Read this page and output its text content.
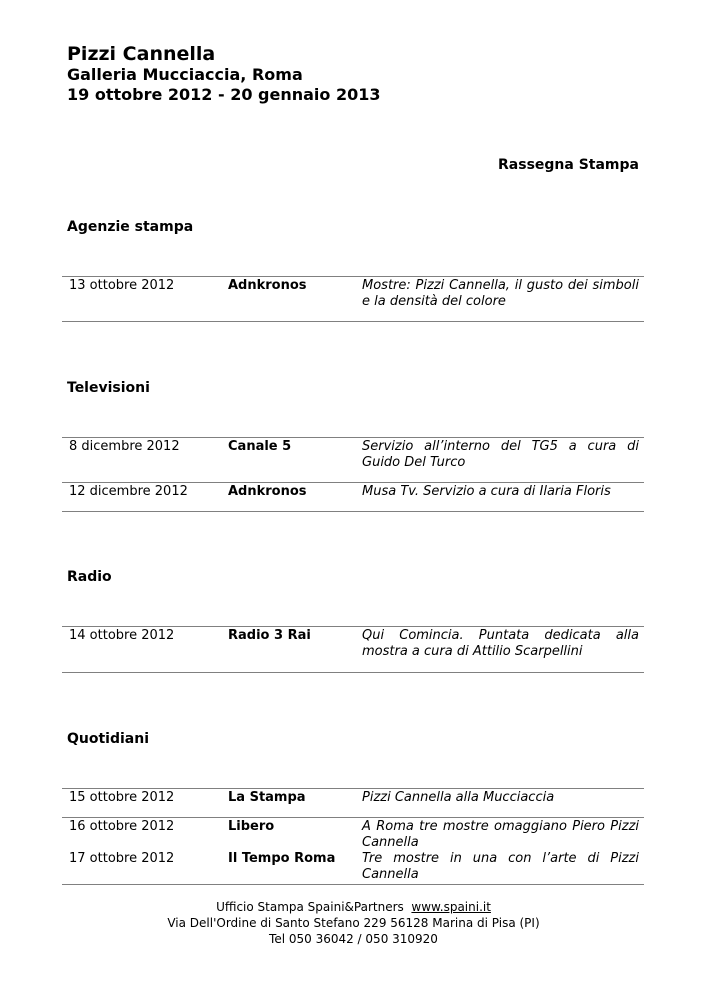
Pizzi Cannella
Galleria Mucciaccia, Roma
19 ottobre 2012 - 20 gennaio 2013
Rassegna Stampa
Agenzie stampa
13 ottobre 2012	Adnkronos	Mostre: Pizzi Cannella, il gusto dei simboli e la densità del colore
Televisioni
8 dicembre 2012	Canale 5	Servizio all’interno del TG5 a cura di Guido Del Turco
12 dicembre 2012	Adnkronos	Musa Tv. Servizio a cura di Ilaria Floris
Radio
14 ottobre 2012	Radio 3 Rai	Qui Comincia. Puntata dedicata alla mostra a cura di Attilio Scarpellini
Quotidiani
15 ottobre 2012	La Stampa	Pizzi Cannella alla Mucciaccia
16 ottobre 2012	Libero	A Roma tre mostre omaggiano Piero Pizzi Cannella
17 ottobre 2012	Il Tempo Roma	Tre mostre in una con l’arte di Pizzi Cannella
Ufficio Stampa Spaini&Partners www.spaini.it
Via Dell'Ordine di Santo Stefano 229 56128 Marina di Pisa (PI)
Tel 050 36042 / 050 310920
